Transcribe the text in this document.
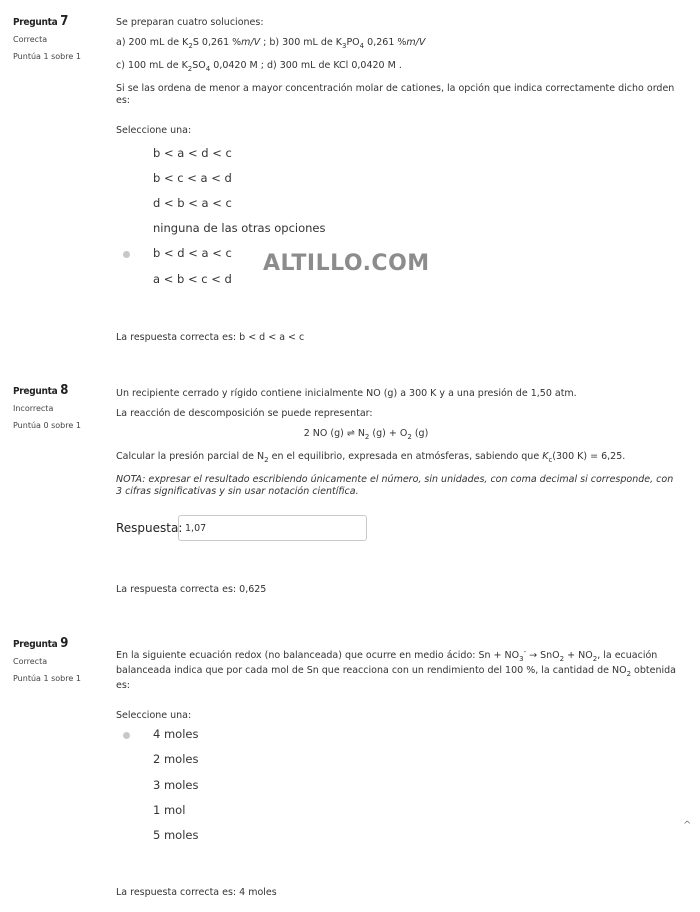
Pregunta 7
Correcta
Puntúa 1 sobre 1

Se preparan cuatro soluciones:

a) 200 mL de $K_2S$ 0,261 %m/V ; b) 300 mL de $K_3PO_4$ 0,261 %m/V

c) 100 mL de $K_2SO_4$ 0,0420 M ; d) 300 mL de KCl 0,0420 M .

Si se las ordena de menor a mayor concentración molar de cationes, la opción que indica correctamente dicho orden es:

Seleccione una:

b < a < d < c
b < c < a < d
d < b < a < c
ninguna de las otras opciones
b < d < a < c
a < b < c < d
ALTILLO.COM
La respuesta correcta es: b < d < a < c
Pregunta 8
Incorrecta
Puntúa 0 sobre 1

Un recipiente cerrado y rígido contiene inicialmente NO (g) a 300 K y a una presión de 1,50 atm.

La reacción de descomposición se puede representar:

2 NO (g) ⇌ $N_2$ $(g) + O_2$ (g)

Calcular la presión parcial de $N_2$ en el equilibrio, expresada en atmósferas, sabiendo que $K_c(300$ K) = 6,25.

NOTA: expresar el resultado escribiendo únicamente el número, sin unidades, con coma decimal si corresponde, con 3 cifras significativas y sin usar notación científica.

Respuesta: 1,07
La respuesta correcta es: 0,625
Pregunta 9
Correcta
Puntúa 1 sobre 1

En la siguiente ecuación redox (no balanceada) que ocurre en medio ácido: $Sn + NO_3^- \to SnO_2 + NO_2$, la ecuación balanceada indica que por cada mol de Sn que reacciona con un rendimiento del 100 %, la cantidad de $NO_2$ obtenida es:

Seleccione una:

4 moles
2 moles
3 moles
1 mol
5 moles
^
La respuesta correcta es: 4 moles
